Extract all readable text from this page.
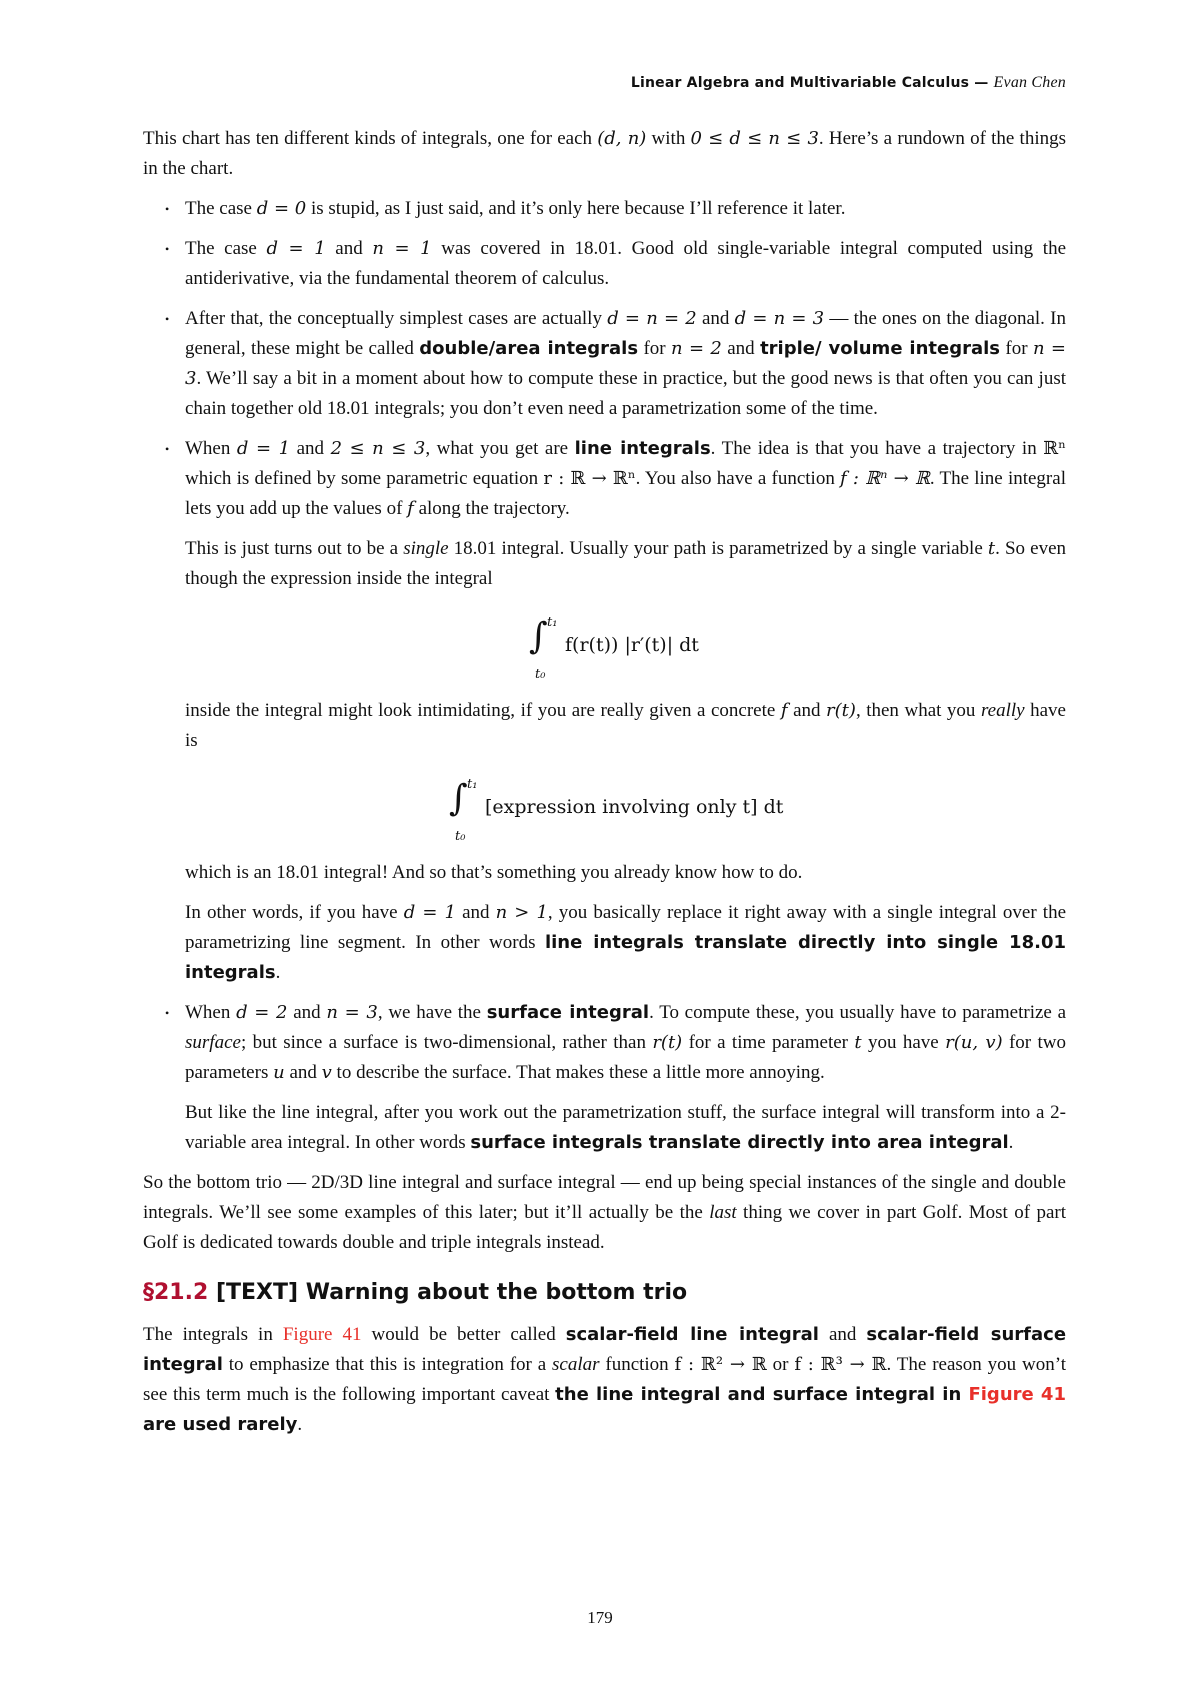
Linear Algebra and Multivariable Calculus — Evan Chen

This chart has ten different kinds of integrals, one for each (d, n) with 0 ≤ d ≤ n ≤ 3. Here’s a rundown of the things in the chart.

• The case d = 0 is stupid, as I just said, and it’s only here because I’ll reference it later.

• The case d = 1 and n = 1 was covered in 18.01. Good old single-variable integral computed using the antiderivative, via the fundamental theorem of calculus.

• After that, the conceptually simplest cases are actually d = n = 2 and d = n = 3 — the ones on the diagonal. In general, these might be called double/area integrals for n = 2 and triple/ volume integrals for n = 3. We’ll say a bit in a moment about how to compute these in practice, but the good news is that often you can just chain together old 18.01 integrals; you don’t even need a parametrization some of the time.

• When d = 1 and 2 ≤ n ≤ 3, what you get are line integrals. The idea is that you have a trajectory in ℝⁿ which is defined by some parametric equation r : ℝ → ℝⁿ. You also have a function f : ℝⁿ → ℝ. The line integral lets you add up the values of f along the trajectory.

This is just turns out to be a single 18.01 integral. Usually your path is parametrized by a single variable t. So even though the expression inside the integral

∫ t₁
t₀
f(r(t)) |r′(t)| dt

inside the integral might look intimidating, if you are really given a concrete f and r(t), then what you really have is

∫ t₁
t₀
[expression involving only t] dt

which is an 18.01 integral! And so that’s something you already know how to do.

In other words, if you have d = 1 and n > 1, you basically replace it right away with a single integral over the parametrizing line segment. In other words line integrals translate directly into single 18.01 integrals.

• When d = 2 and n = 3, we have the surface integral. To compute these, you usually have to parametrize a surface; but since a surface is two-dimensional, rather than r(t) for a time parameter t you have r(u, v) for two parameters u and v to describe the surface. That makes these a little more annoying.

But like the line integral, after you work out the parametrization stuff, the surface integral will transform into a 2-variable area integral. In other words surface integrals translate directly into area integral.

So the bottom trio — 2D/3D line integral and surface integral — end up being special instances of the single and double integrals. We’ll see some examples of this later; but it’ll actually be the last thing we cover in part Golf. Most of part Golf is dedicated towards double and triple integrals instead.

§21.2 [TEXT] Warning about the bottom trio

The integrals in Figure 41 would be better called scalar-field line integral and scalar-field surface integral to emphasize that this is integration for a scalar function f : ℝ² → ℝ or f : ℝ³ → ℝ. The reason you won’t see this term much is the following important caveat the line integral and surface integral in Figure 41 are used rarely.

179
